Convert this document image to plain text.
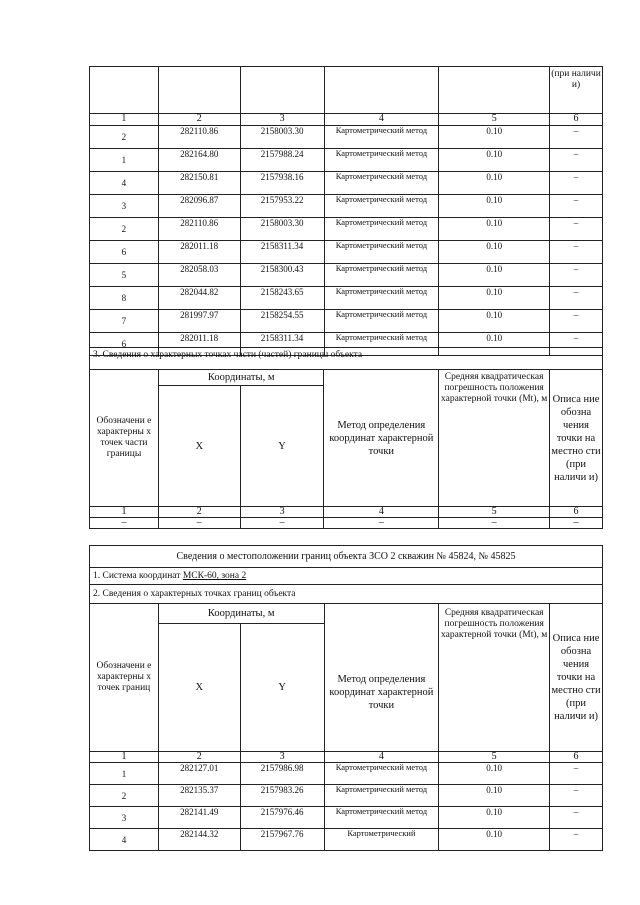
					(при наличи и)
1	2	3	4	5	6
2	282110.86	2158003.30	Картометрический метод	0.10	–
1	282164.80	2157988.24	Картометрический метод	0.10	–
4	282150.81	2157938.16	Картометрический метод	0.10	–
3	282096.87	2157953.22	Картометрический метод	0.10	–
2	282110.86	2158003.30	Картометрический метод	0.10	–
6	282011.18	2158311.34	Картометрический метод	0.10	–
5	282058.03	2158300.43	Картометрический метод	0.10	–
8	282044.82	2158243.65	Картометрический метод	0.10	–
7	281997.97	2158254.55	Картометрический метод	0.10	–
6	282011.18	2158311.34	Картометрический метод	0.10	–
3. Сведения о характерных точках части (частей) границы объекта					
Обозначени е характерны х точек части границы	Координаты, м		Метод определения координат характерной точки	Средняя квадратическая погрешность положения характерной точки (Mt), м	Описа ние обозна чения точки на местно сти (при наличи и)
	X	Y			
1	2	3	4	5	6
–	–	–	–	–	–
Сведения о местоположении границ объекта ЗСО 2 скважин № 45824, № 45825					
1. Система координат МСК-60, зона 2					
2. Сведения о характерных точках границ объекта					
Обозначени е характерны х точек границ	Координаты, м		Метод определения координат характерной точки	Средняя квадратическая погрешность положения характерной точки (Mt), м	Описа ние обозна чения точки на местно сти (при наличи и)
	X	Y			
1	2	3	4	5	6
1	282127.01	2157986.98	Картометрический метод	0.10	–
2	282135.37	2157983.26	Картометрический метод	0.10	–
3	282141.49	2157976.46	Картометрический метод	0.10	–
4	282144.32	2157967.76	Картометрический	0.10	–
